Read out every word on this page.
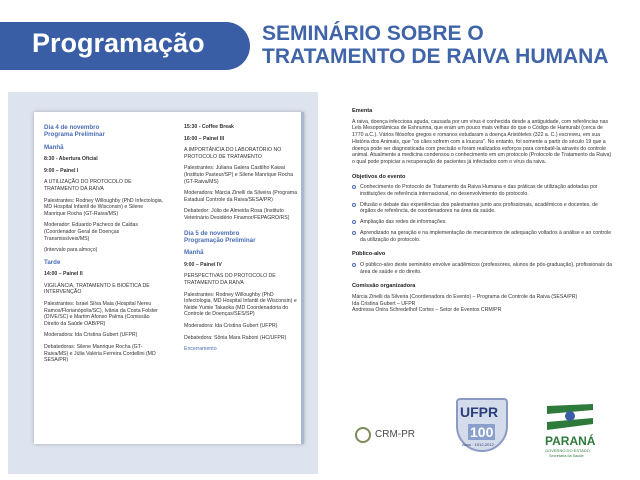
Programação	SEMINÁRIO SOBRE O
TRATAMENTO DE RAIVA HUMANA

Dia 4 de novembro
Programa Preliminar

Manhã

8:30 - Abertura Oficial

9:00 – Painel I

A UTILIZAÇÃO DO PROTOCOLO DE TRATAMENTO DA RAIVA

Palestrantes: Rodney Willoughby (PhD Infectologia, MD Hospital Infantil de Wisconsin) e Silene Manrique Rocha (GT-Raiva/MS)

Moderador: Eduardo Pacheco de Caldas (Coordenador Geral de Doenças Transmissíveis/MS)

(Intervalo para almoço)

Tarde

14:00 – Painel II

VIGILÂNCIA, TRATAMENTO E BIOÉTICA DE INTERVENÇÃO

Palestrantes: Israel Silva Maia (Hospital Nereu Ramos/Florianópolis/SC), Ivânia da Costa Folster (DIVE/SC) e Martim Afonso Palma (Comissão Direito da Saúde OAB/PR)

Moderadora: Ida Cristina Gubert (UFPR)

Debatedoras: Silene Manrique Rocha (GT-Raiva/MS) e Júlia Valéria Ferreira Cordellini (MD SESA/PR)

15:30 - Coffee Break

16:00 – Painel III

A IMPORTÂNCIA DO LABORATÓRIO NO PROTOCOLO DE TRATAMENTO

Palestrantes: Juliana Galera Castilho Kawai (Instituto Pasteur/SP) e Silene Manrique Rocha (GT-Raiva/MS)

Moderadora: Márcia Zinelli da Silveira (Programa Estadual Controle da Raiva/SESA/PR)

Debatedor: Júlio de Almeida Rosa (Instituto Veterinário Desidério Finamor/FEPAGRO/RS)

Dia 5 de novembro
Programação Preliminar

Manhã

9:00 – Painel IV

PERSPECTIVAS DO PROTOCOLO DE TRATAMENTO DA RAIVA

Palestrantes: Rodney Willoughby (PhD Infectologia, MD Hospital Infantil de Wisconsin) e Neide Yumie Takaoka (MD Coordenadoria do Controle de Doenças/SES/SP)

Moderadora: Ida Cristina Gubert (UFPR)

Debatedora: Sônia Mara Raboni (HC/UFPR)

Encerramento

Ementa

A raiva, doença infecciosa aguda, causada por um vírus é conhecida desde a antiguidade, com referências nas Leis Mesopotâmicas de Eshnunna, que eram um pouco mais velhas do que o Código de Hamurabi (cerca de 1770 a.C.). Vários filósofos gregos e romanos estudaram a doença Aristóteles (322 a. C.) escreveu, em sua História dos Animais, que "os cães sofrem com a loucura". No entanto, foi somente a partir do século 19 que a doença pode ser diagnosticada com precisão e foram realizados esforços para combatê-la através do controle animal. Atualmente a medicina condensou o conhecimento em um protocolo (Protocolo de Tratamento da Raiva) o qual pode propiciar a recuperação de pacientes já infectados com o vírus da raiva.

Objetivos do evento

Conhecimento do Protocolo de Tratamento da Raiva Humana e das práticas de utilização adotadas por instituições de referência internacional, no desenvolvimento do protocolo.
Difusão e debate das experiências dos palestrantes junto aos profissionais, acadêmicos e docentes, de órgãos de referência, de coordenadores na área da saúde.
Ampliação das redes de informações.
Aprendizado na geração e na implementação de mecanismos de adequação voltados à análise e ao controle da utilização do protocolo.

Público-alvo

O público-alvo deste seminário envolve acadêmicos (professores, alunos de pós-graduação), profissionais da área de saúde e do direito.

Comissão organizadora

Márcia Zinelli da Silveira (Coordenadora do Evento) – Programa de Controle da Raiva (SESA/PR)

Ida Cristina Gubert – UFPR

Andressa Onira Schredelhof Cortes – Setor de Eventos CRM/PR

CRM-PR
UFPR
100
Anos · 1912-2012	PARANÁ
GOVERNO DO ESTADO
Secretaria da Saúde
